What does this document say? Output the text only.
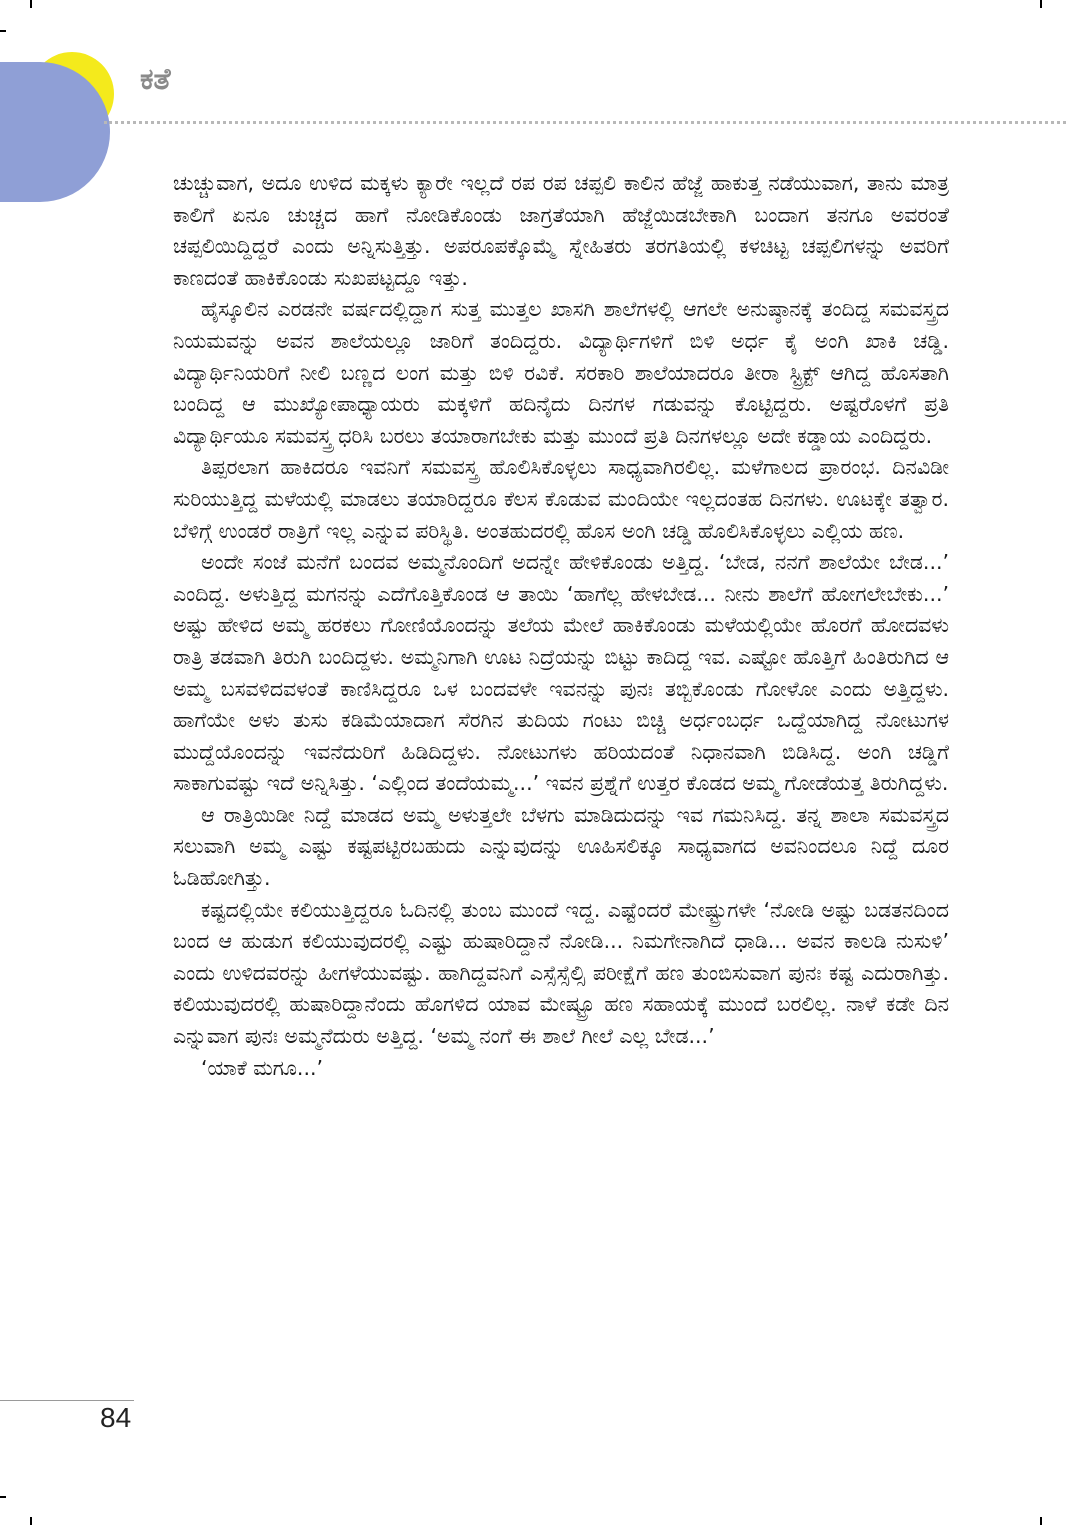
ಕತೆ

ಚುಚ್ಚುವಾಗ, ಅದೂ ಉಳಿದ ಮಕ್ಕಳು ಕ್ಯಾರೇ ಇಲ್ಲದೆ ರಪ ರಪ ಚಪ್ಪಲಿ ಕಾಲಿನ ಹೆಜ್ಜೆ ಹಾಕುತ್ತ ನಡೆಯುವಾಗ, ತಾನು ಮಾತ್ರ ಕಾಲಿಗೆ ಏನೂ ಚುಚ್ಚದ ಹಾಗೆ ನೋಡಿಕೊಂಡು ಜಾಗ್ರತೆಯಾಗಿ ಹೆಜ್ಜೆಯಿಡಬೇಕಾಗಿ ಬಂದಾಗ ತನಗೂ ಅವರಂತೆ ಚಪ್ಪಲಿಯಿದ್ದಿದ್ದರೆ ಎಂದು ಅನ್ನಿಸುತ್ತಿತ್ತು. ಅಪರೂಪಕ್ಕೊಮ್ಮೆ ಸ್ನೇಹಿತರು ತರಗತಿಯಲ್ಲಿ ಕಳಚಿಟ್ಟ ಚಪ್ಪಲಿಗಳನ್ನು ಅವರಿಗೆ ಕಾಣದಂತೆ ಹಾಕಿಕೊಂಡು ಸುಖಪಟ್ಟದ್ದೂ ಇತ್ತು.

ಹೈಸ್ಕೂಲಿನ ಎರಡನೇ ವರ್ಷದಲ್ಲಿದ್ದಾಗ ಸುತ್ತ ಮುತ್ತಲ ಖಾಸಗಿ ಶಾಲೆಗಳಲ್ಲಿ ಆಗಲೇ ಅನುಷ್ಠಾನಕ್ಕೆ ತಂದಿದ್ದ ಸಮವಸ್ತ್ರದ ನಿಯಮವನ್ನು ಅವನ ಶಾಲೆಯಲ್ಲೂ ಜಾರಿಗೆ ತಂದಿದ್ದರು. ವಿದ್ಯಾರ್ಥಿಗಳಿಗೆ ಬಿಳಿ ಅರ್ಧ ಕೈ ಅಂಗಿ ಖಾಕಿ ಚಡ್ಡಿ. ವಿದ್ಯಾರ್ಥಿನಿಯರಿಗೆ ನೀಲಿ ಬಣ್ಣದ ಲಂಗ ಮತ್ತು ಬಿಳಿ ರವಿಕೆ. ಸರಕಾರಿ ಶಾಲೆಯಾದರೂ ತೀರಾ ಸ್ಟ್ರಿಕ್ಟ್ ಆಗಿದ್ದ ಹೊಸತಾಗಿ ಬಂದಿದ್ದ ಆ ಮುಖ್ಯೋಪಾಧ್ಯಾಯರು ಮಕ್ಕಳಿಗೆ ಹದಿನೈದು ದಿನಗಳ ಗಡುವನ್ನು ಕೊಟ್ಟಿದ್ದರು. ಅಷ್ಟರೊಳಗೆ ಪ್ರತಿ ವಿದ್ಯಾರ್ಥಿಯೂ ಸಮವಸ್ತ್ರ ಧರಿಸಿ ಬರಲು ತಯಾರಾಗಬೇಕು ಮತ್ತು ಮುಂದೆ ಪ್ರತಿ ದಿನಗಳಲ್ಲೂ ಅದೇ ಕಡ್ಡಾಯ ಎಂದಿದ್ದರು.

ತಿಪ್ಪರಲಾಗ ಹಾಕಿದರೂ ಇವನಿಗೆ ಸಮವಸ್ತ್ರ ಹೊಲಿಸಿಕೊಳ್ಳಲು ಸಾಧ್ಯವಾಗಿರಲಿಲ್ಲ. ಮಳೆಗಾಲದ ಪ್ರಾರಂಭ. ದಿನವಿಡೀ ಸುರಿಯುತ್ತಿದ್ದ ಮಳೆಯಲ್ಲಿ ಮಾಡಲು ತಯಾರಿದ್ದರೂ ಕೆಲಸ ಕೊಡುವ ಮಂದಿಯೇ ಇಲ್ಲದಂತಹ ದಿನಗಳು. ಊಟಕ್ಕೇ ತತ್ವಾರ. ಬೆಳಿಗ್ಗೆ ಉಂಡರೆ ರಾತ್ರಿಗೆ ಇಲ್ಲ ಎನ್ನುವ ಪರಿಸ್ಥಿತಿ. ಅಂತಹುದರಲ್ಲಿ ಹೊಸ ಅಂಗಿ ಚಡ್ಡಿ ಹೊಲಿಸಿಕೊಳ್ಳಲು ಎಲ್ಲಿಯ ಹಣ.

ಅಂದೇ ಸಂಜೆ ಮನೆಗೆ ಬಂದವ ಅಮ್ಮನೊಂದಿಗೆ ಅದನ್ನೇ ಹೇಳಿಕೊಂಡು ಅತ್ತಿದ್ದ. ‘ಬೇಡ, ನನಗೆ ಶಾಲೆಯೇ ಬೇಡ...’ ಎಂದಿದ್ದ. ಅಳುತ್ತಿದ್ದ ಮಗನನ್ನು ಎದೆಗೊತ್ತಿಕೊಂಡ ಆ ತಾಯಿ ‘ಹಾಗೆಲ್ಲ ಹೇಳಬೇಡ... ನೀನು ಶಾಲೆಗೆ ಹೋಗಲೇಬೇಕು...’ ಅಷ್ಟು ಹೇಳಿದ ಅಮ್ಮ ಹರಕಲು ಗೋಣಿಯೊಂದನ್ನು ತಲೆಯ ಮೇಲೆ ಹಾಕಿಕೊಂಡು ಮಳೆಯಲ್ಲಿಯೇ ಹೊರಗೆ ಹೋದವಳು ರಾತ್ರಿ ತಡವಾಗಿ ತಿರುಗಿ ಬಂದಿದ್ದಳು. ಅಮ್ಮನಿಗಾಗಿ ಊಟ ನಿದ್ರೆಯನ್ನು ಬಿಟ್ಟು ಕಾದಿದ್ದ ಇವ. ಎಷ್ಟೋ ಹೊತ್ತಿಗೆ ಹಿಂತಿರುಗಿದ ಆ ಅಮ್ಮ ಬಸವಳಿದವಳಂತೆ ಕಾಣಿಸಿದ್ದರೂ ಒಳ ಬಂದವಳೇ ಇವನನ್ನು ಪುನಃ ತಬ್ಬಿಕೊಂಡು ಗೋಳೋ ಎಂದು ಅತ್ತಿದ್ದಳು. ಹಾಗೆಯೇ ಅಳು ತುಸು ಕಡಿಮೆಯಾದಾಗ ಸೆರಗಿನ ತುದಿಯ ಗಂಟು ಬಿಚ್ಚಿ ಅರ್ಧಂಬರ್ಧ ಒದ್ದೆಯಾಗಿದ್ದ ನೋಟುಗಳ ಮುದ್ದೆಯೊಂದನ್ನು ಇವನೆದುರಿಗೆ ಹಿಡಿದಿದ್ದಳು. ನೋಟುಗಳು ಹರಿಯದಂತೆ ನಿಧಾನವಾಗಿ ಬಿಡಿಸಿದ್ದ. ಅಂಗಿ ಚಡ್ಡಿಗೆ ಸಾಕಾಗುವಷ್ಟು ಇದೆ ಅನ್ನಿಸಿತ್ತು. ‘ಎಲ್ಲಿಂದ ತಂದೆಯಮ್ಮ...’ ಇವನ ಪ್ರಶ್ನೆಗೆ ಉತ್ತರ ಕೊಡದ ಅಮ್ಮ ಗೋಡೆಯತ್ತ ತಿರುಗಿದ್ದಳು.

ಆ ರಾತ್ರಿಯಿಡೀ ನಿದ್ದೆ ಮಾಡದ ಅಮ್ಮ ಅಳುತ್ತಲೇ ಬೆಳಗು ಮಾಡಿದುದನ್ನು ಇವ ಗಮನಿಸಿದ್ದ. ತನ್ನ ಶಾಲಾ ಸಮವಸ್ತ್ರದ ಸಲುವಾಗಿ ಅಮ್ಮ ಎಷ್ಟು ಕಷ್ಟಪಟ್ಟಿರಬಹುದು ಎನ್ನುವುದನ್ನು ಊಹಿಸಲಿಕ್ಕೂ ಸಾಧ್ಯವಾಗದ ಅವನಿಂದಲೂ ನಿದ್ದೆ ದೂರ ಓಡಿಹೋಗಿತ್ತು.

ಕಷ್ಟದಲ್ಲಿಯೇ ಕಲಿಯುತ್ತಿದ್ದರೂ ಓದಿನಲ್ಲಿ ತುಂಬ ಮುಂದೆ ಇದ್ದ. ಎಷ್ಟೆಂದರೆ ಮೇಷ್ಟ್ರುಗಳೇ ‘ನೋಡಿ ಅಷ್ಟು ಬಡತನದಿಂದ ಬಂದ ಆ ಹುಡುಗ ಕಲಿಯುವುದರಲ್ಲಿ ಎಷ್ಟು ಹುಷಾರಿದ್ದಾನೆ ನೋಡಿ... ನಿಮಗೇನಾಗಿದೆ ಧಾಡಿ... ಅವನ ಕಾಲಡಿ ನುಸುಳಿ’ ಎಂದು ಉಳಿದವರನ್ನು ಹೀಗಳೆಯುವಷ್ಟು. ಹಾಗಿದ್ದವನಿಗೆ ಎಸ್ಸೆಸ್ಸೆಲ್ಸಿ ಪರೀಕ್ಷೆಗೆ ಹಣ ತುಂಬಿಸುವಾಗ ಪುನಃ ಕಷ್ಟ ಎದುರಾಗಿತ್ತು. ಕಲಿಯುವುದರಲ್ಲಿ ಹುಷಾರಿದ್ದಾನೆಂದು ಹೊಗಳಿದ ಯಾವ ಮೇಷ್ಟ್ರೂ ಹಣ ಸಹಾಯಕ್ಕೆ ಮುಂದೆ ಬರಲಿಲ್ಲ. ನಾಳೆ ಕಡೇ ದಿನ ಎನ್ನುವಾಗ ಪುನಃ ಅಮ್ಮನೆದುರು ಅತ್ತಿದ್ದ. ‘ಅಮ್ಮ ನಂಗೆ ಈ ಶಾಲೆ ಗೀಲೆ ಎಲ್ಲ ಬೇಡ...’

‘ಯಾಕೆ ಮಗೂ...’

84
